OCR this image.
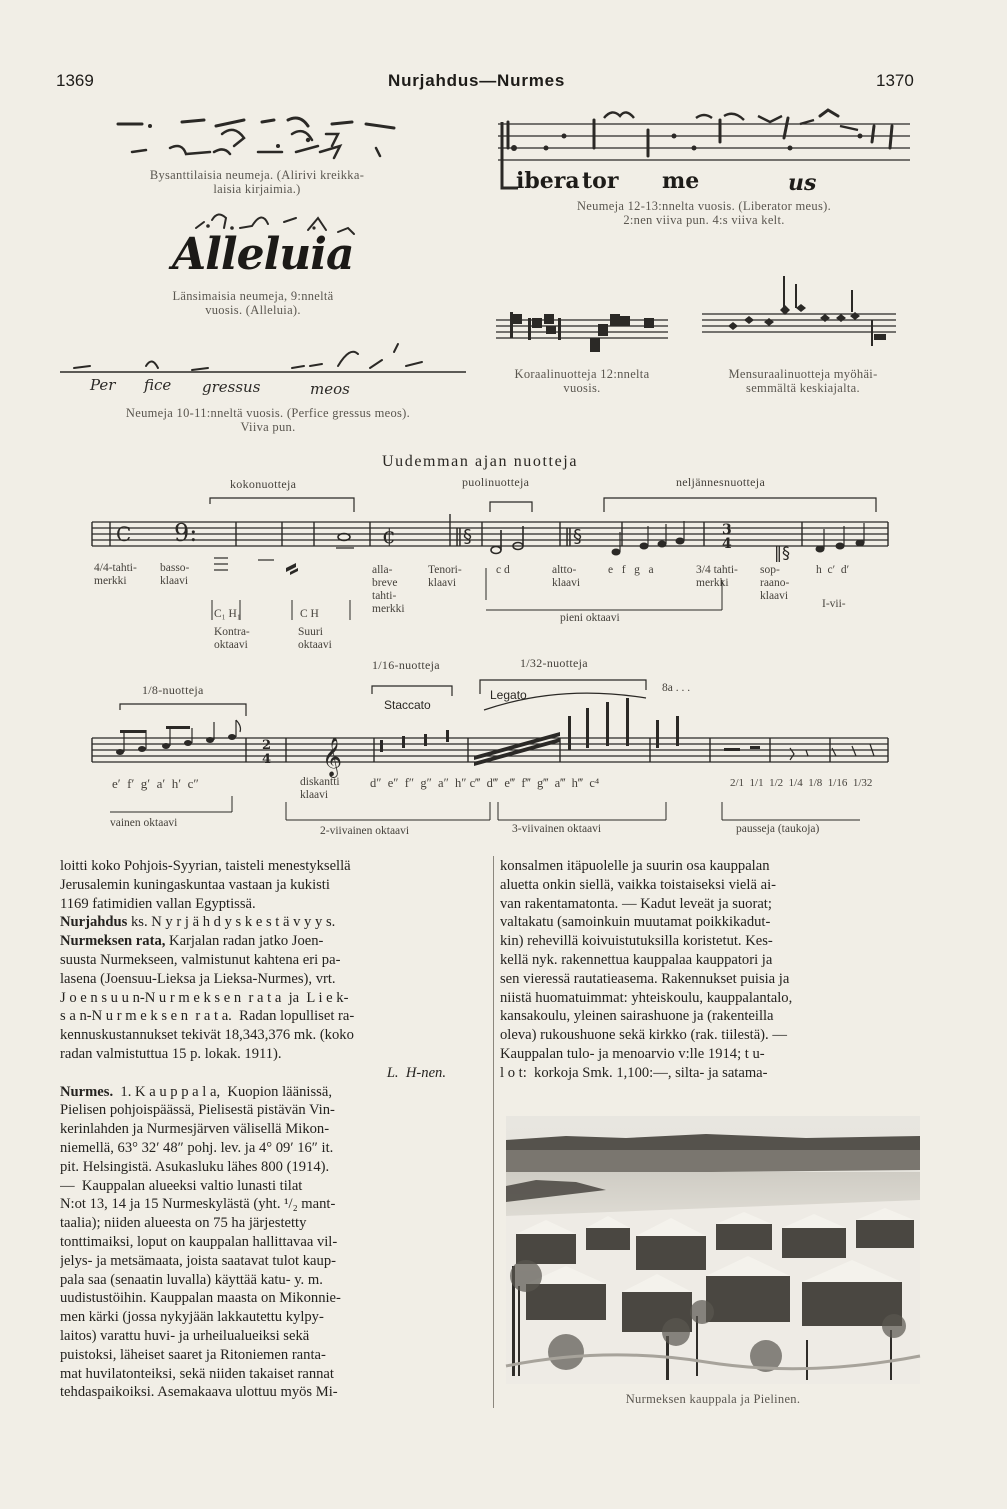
1369	Nurjahdus—Nurmes	1370
Bysanttilaisia neumeja. (Alirivi kreikka-
laisia kirjaimia.)
Alleluia
Länsimaisia neumeja, 9:nneltä
vuosis. (Alleluia).
Per fice gressus	meos
Neumeja 10-11:nneltä vuosis. (Perfice gressus meos).
Viiva pun.
ibera tor me	us
Neumeja 12-13:nnelta vuosis. (Liberator meus).
2:nen viiva pun. 4:s viiva kelt.
Koraalinuotteja 12:nnelta
vuosis.
Mensuraalinuotteja myöhäi-
semmältä keskiajalta.
Uudemman ajan nuotteja
kokonuotteja	puolinuotteja	neljännesnuotteja
C 9:	¢	‖§	‖§	3
4	‖§
4/4-tahti-
merkki
basso-
klaavi
C₁ H₁
Kontra-
oktaavi
C H
Suuri
oktaavi
alla-
breve
tahti-
merkki
Tenori-
klaavi
c d	altto-
klaavi
e   f   g   a	3/4 tahti-
merkki
sop-
raano-
klaavi
h  c′  d′
I-vii-
pieni oktaavi
1/8-nuotteja
1/16-nuotteja	1/32-nuotteja
Staccato
Legato	8a . . .
2
4 𝄞
e′  f′  g′  a′  h′  c″	diskantti
klaavi
d″  e″  f″  g″  a″  h″ c‴  d‴  e‴  f‴  g‴  a‴  h‴  c⁴	2/1  1/1  1/2  1/4  1/8  1/16  1/32
vainen oktaavi
2-viivainen oktaavi	3-viivainen oktaavi	pausseja (taukoja)
loitti koko Pohjois-Syyrian, taisteli menestyksellä
Jerusalemin kuningaskuntaa vastaan ja kukisti
1169 fatimidien vallan Egyptissä.
Nurjahdus ks. N y r j ä h d y s k e s t ä v y y s.
Nurmeksen rata, Karjalan radan jatko Joen-
suusta Nurmekseen, valmistunut kahtena eri pa-
lasena (Joensuu-Lieksa ja Lieksa-Nurmes), vrt.
J o e n s u u n-N u r m e k s e n  r a t a  ja  L i e k-
s a n-N u r m e k s e n  r a t a.  Radan lopulliset ra-
kennuskustannukset tekivät 18,343,376 mk. (koko
radan valmistuttua 15 p. lokak. 1911).
L.  H-nen.
Nurmes.  1. K a u p p a l a,  Kuopion läänissä,
Pielisen pohjoispäässä, Pielisestä pistävän Vin-
kerinlahden ja Nurmesjärven välisellä Mikon-
niemellä, 63° 32′ 48″ pohj. lev. ja 4° 09′ 16″ it.
pit. Helsingistä. Asukasluku lähes 800 (1914).
—  Kauppalan alueeksi valtio lunasti tilat
N:ot 13, 14 ja 15 Nurmeskylästä (yht. ¹/₂ mant-
taalia); niiden alueesta on 75 ha järjestetty
tonttimaiksi, loput on kauppalan hallittavaa vil-
jelys- ja metsämaata, joista saatavat tulot kaup-
pala saa (senaatin luvalla) käyttää katu- y. m.
uudistustöihin. Kauppalan maasta on Mikonnie-
men kärki (jossa nykyjään lakkautettu kylpy-
laitos) varattu huvi- ja urheilualueiksi sekä
puistoksi, läheiset saaret ja Ritoniemen ranta-
mat huvilatonteiksi, sekä niiden takaiset rannat
tehdaspaikoiksi. Asemakaava ulottuu myös Mi-
konsalmen itäpuolelle ja suurin osa kauppalan
aluetta onkin siellä, vaikka toistaiseksi vielä ai-
van rakentamatonta. — Kadut leveät ja suorat;
valtakatu (samoinkuin muutamat poikkikadut-
kin) rehevillä koivuistutuksilla koristetut. Kes-
kellä nyk. rakennettua kauppalaa kauppatori ja
sen vieressä rautatieasema. Rakennukset puisia ja
niistä huomatuimmat: yhteiskoulu, kauppalantalo,
kansakoulu, yleinen sairashuone ja (rakenteilla
oleva) rukoushuone sekä kirkko (rak. tiilestä). —
Kauppalan tulo- ja menoarvio v:lle 1914; t u-
l o t:  korkoja Smk. 1,100:—, silta- ja satama-
Nurmeksen kauppala ja Pielinen.
